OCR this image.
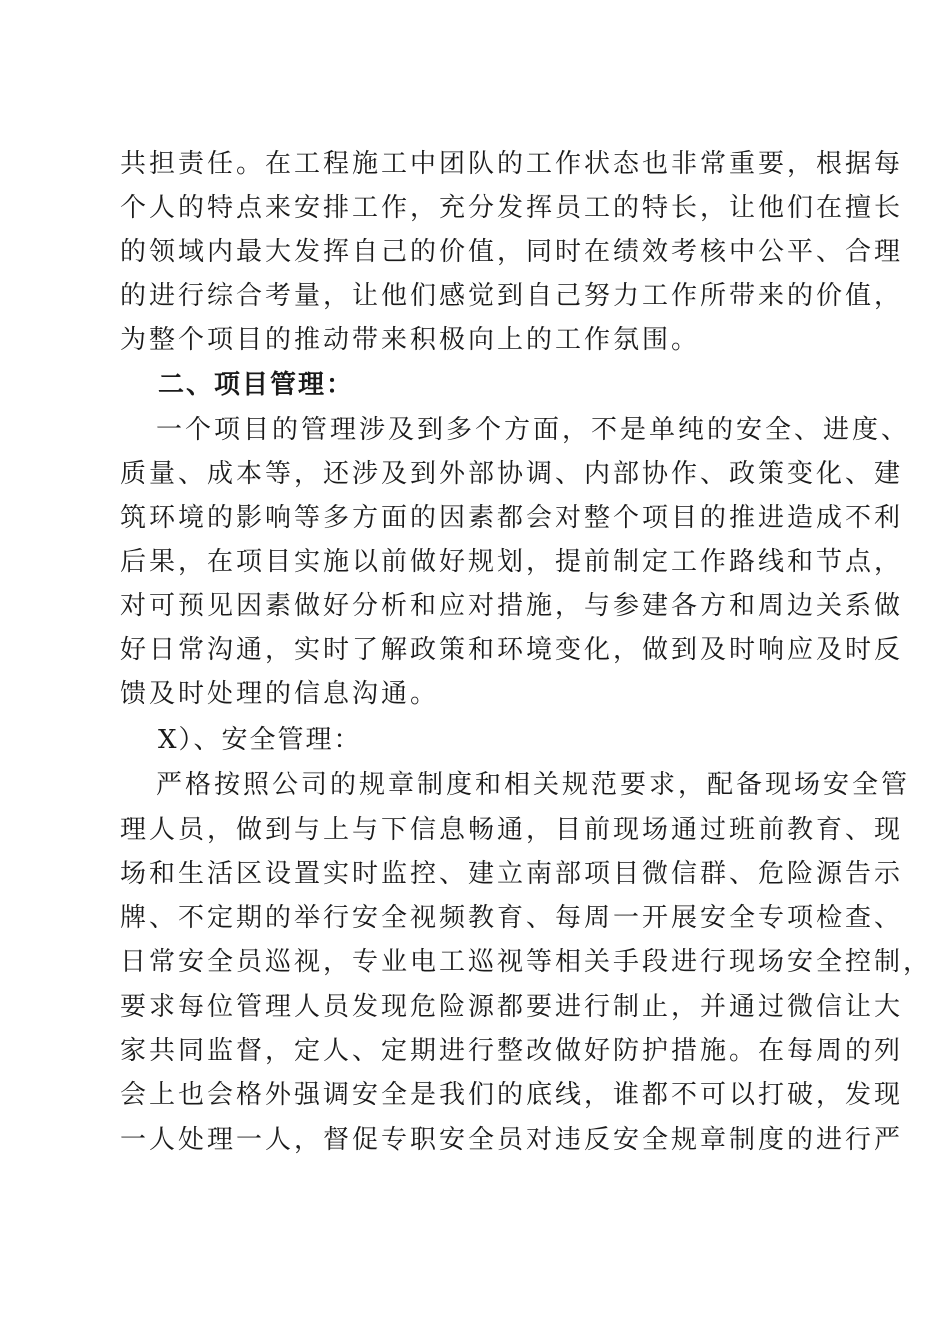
共担责任。在工程施工中团队的工作状态也非常重要，根据每
个人的特点来安排工作，充分发挥员工的特长，让他们在擅长
的领域内最大发挥自己的价值，同时在绩效考核中公平、合理
的进行综合考量，让他们感觉到自己努力工作所带来的价值，
为整个项目的推动带来积极向上的工作氛围。
二、项目管理：
一个项目的管理涉及到多个方面，不是单纯的安全、进度、
质量、成本等，还涉及到外部协调、内部协作、政策变化、建
筑环境的影响等多方面的因素都会对整个项目的推进造成不利
后果，在项目实施以前做好规划，提前制定工作路线和节点，
对可预见因素做好分析和应对措施，与参建各方和周边关系做
好日常沟通，实时了解政策和环境变化，做到及时响应及时反
馈及时处理的信息沟通。
X）、安全管理：
严格按照公司的规章制度和相关规范要求，配备现场安全管
理人员，做到与上与下信息畅通，目前现场通过班前教育、现
场和生活区设置实时监控、建立南部项目微信群、危险源告示
牌、不定期的举行安全视频教育、每周一开展安全专项检查、
日常安全员巡视，专业电工巡视等相关手段进行现场安全控制，
要求每位管理人员发现危险源都要进行制止，并通过微信让大
家共同监督，定人、定期进行整改做好防护措施。在每周的列
会上也会格外强调安全是我们的底线，谁都不可以打破，发现
一人处理一人，督促专职安全员对违反安全规章制度的进行严
